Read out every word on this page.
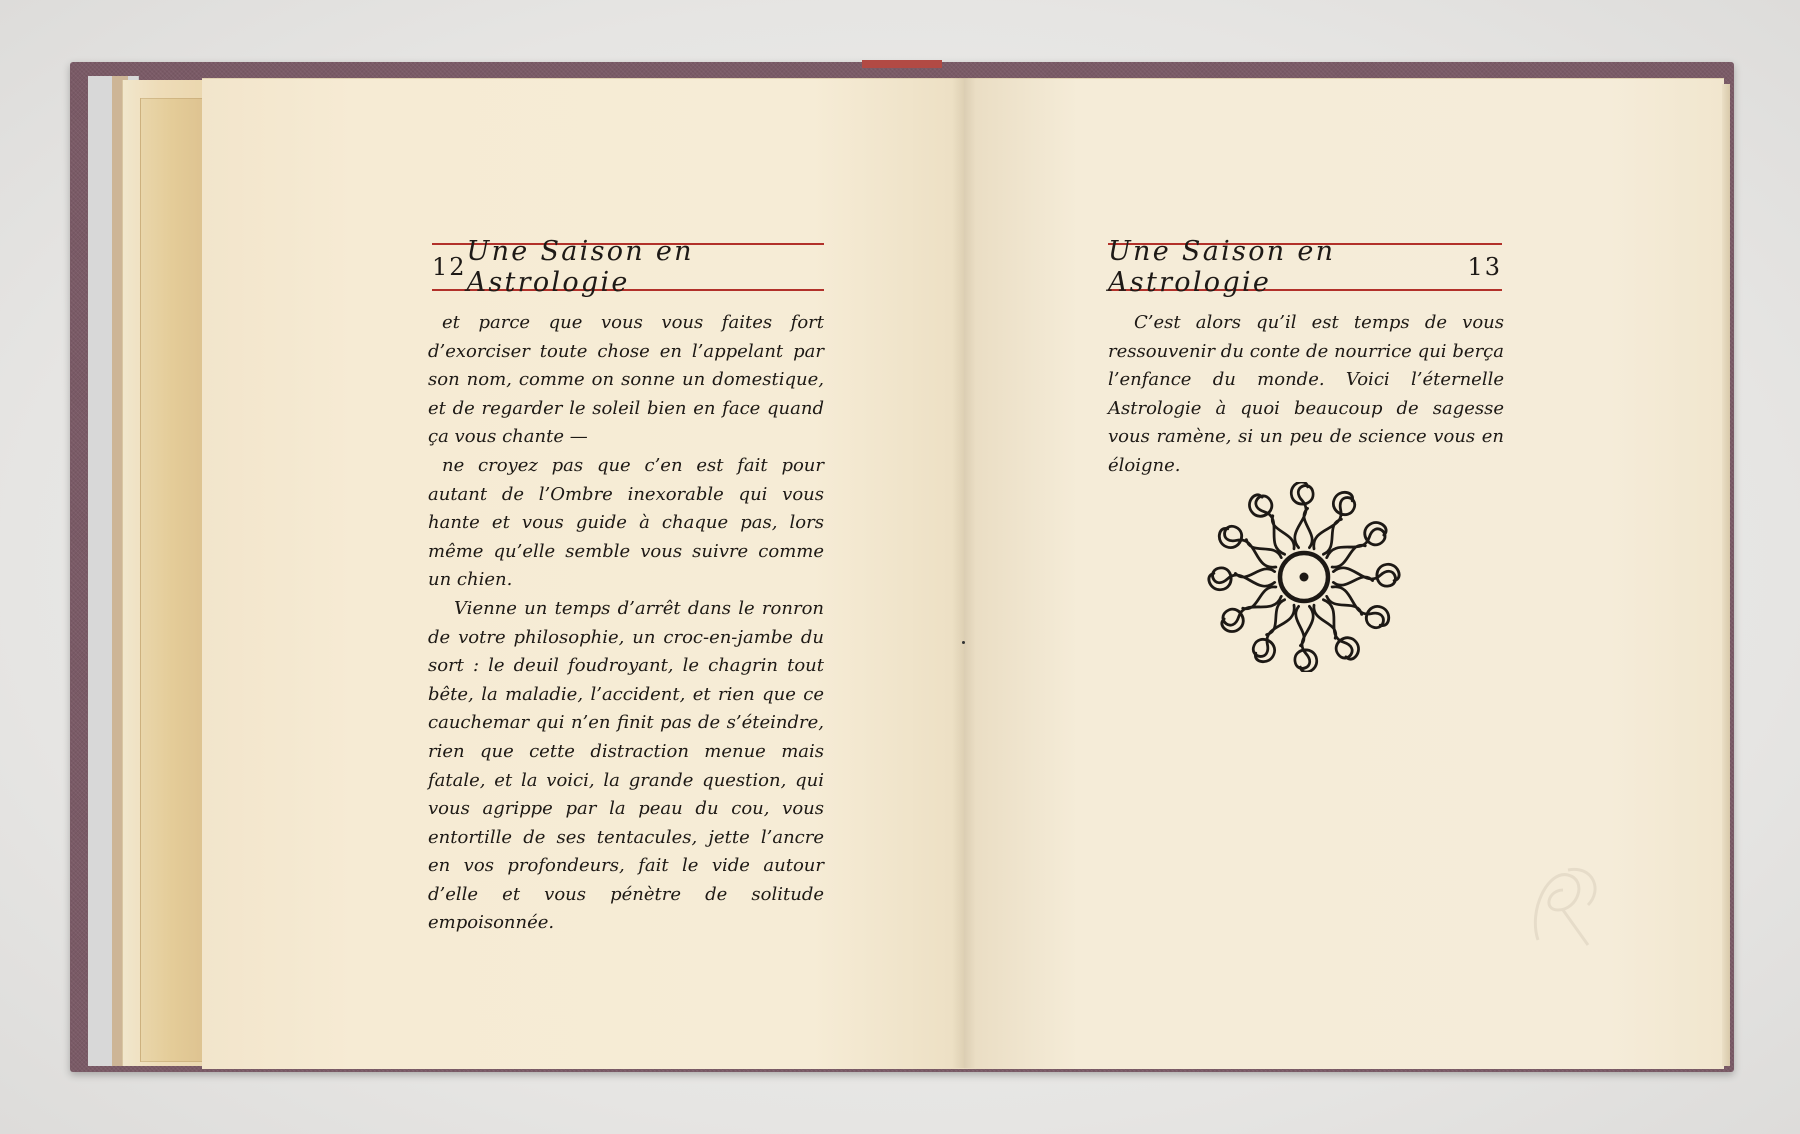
12 Une Saison en Astrologie
Une Saison en Astrologie	13

et parce que vous vous faites fort d’exorciser toute chose en l’appelant par son nom, comme on sonne un domestique, et de regarder le soleil bien en face quand ça vous chante —

ne croyez pas que c’en est fait pour autant de l’Ombre inexorable qui vous hante et vous guide à chaque pas, lors même qu’elle semble vous suivre comme un chien.

Vienne un temps d’arrêt dans le ronron de votre philosophie, un croc-en-jambe du sort : le deuil foudroyant, le chagrin tout bête, la maladie, l’accident, et rien que ce cauchemar qui n’en finit pas de s’éteindre, rien que cette distraction menue mais fatale, et la voici, la grande question, qui vous agrippe par la peau du cou, vous entortille de ses tentacules, jette l’ancre en vos profondeurs, fait le vide autour d’elle et vous pénètre de solitude empoisonnée.

C’est alors qu’il est temps de vous ressouvenir du conte de nourrice qui berça l’enfance du monde. Voici l’éternelle Astrologie à quoi beaucoup de sagesse vous ramène, si un peu de science vous en éloigne.
